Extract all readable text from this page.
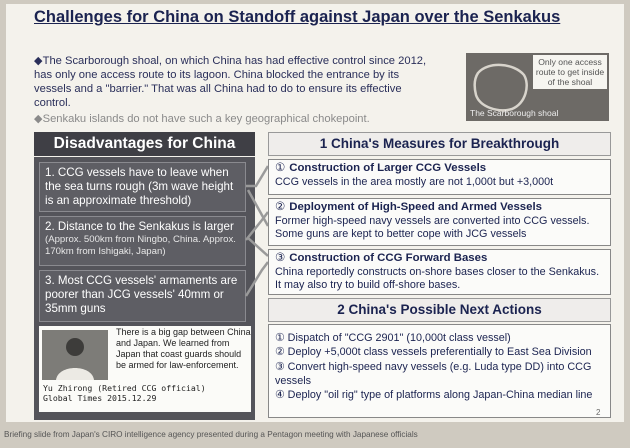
Challenges for China on Standoff against Japan over the Senkakus

◆The Scarborough shoal, on which China has had effective control since 2012, has only one access route to its lagoon. China blocked the entrance by its vessels and a "barrier." That was all China had to do to ensure its effective control.

◆Senkaku islands do not have such a key geographical chokepoint.

Only one access route to get inside of the shoal
The Scarborough shoal
Disadvantages for China
1. CCG vessels have to leave when the sea turns rough (3m wave height is an approximate threshold)
2. Distance to the Senkakus is larger
(Approx. 500km from Ningbo, China. Approx. 170km from Ishigaki, Japan)
3. Most CCG vessels' armaments are poorer than JCG vessels' 40mm or 35mm guns
There is a big gap between China and Japan. We learned from Japan that coast guards should be armed for law-enforcement.
Yu Zhirong (Retired CCG official)
Global Times 2015.12.29
1 China's Measures for Breakthrough
① Construction of Larger CCG Vessels
CCG vessels in the area mostly are not 1,000t but +3,000t
② Deployment of High-Speed and Armed Vessels
Former high-speed navy vessels are converted into CCG vessels. Some guns are kept to better cope with JCG vessels
③ Construction of CCG Forward Bases
China reportedly constructs on-shore bases closer to the Senkakus. It may also try to build off-shore bases.
2 China's Possible Next Actions
① Dispatch of "CCG 2901" (10,000t class vessel)
② Deploy +5,000t class vessels preferentially to East Sea Division
③ Convert high-speed navy vessels (e.g. Luda type DD) into CCG vessels
④ Deploy "oil rig" type of platforms along Japan-China median line
2
Briefing slide from Japan's CIRO intelligence agency presented during a Pentagon meeting with Japanese officials
